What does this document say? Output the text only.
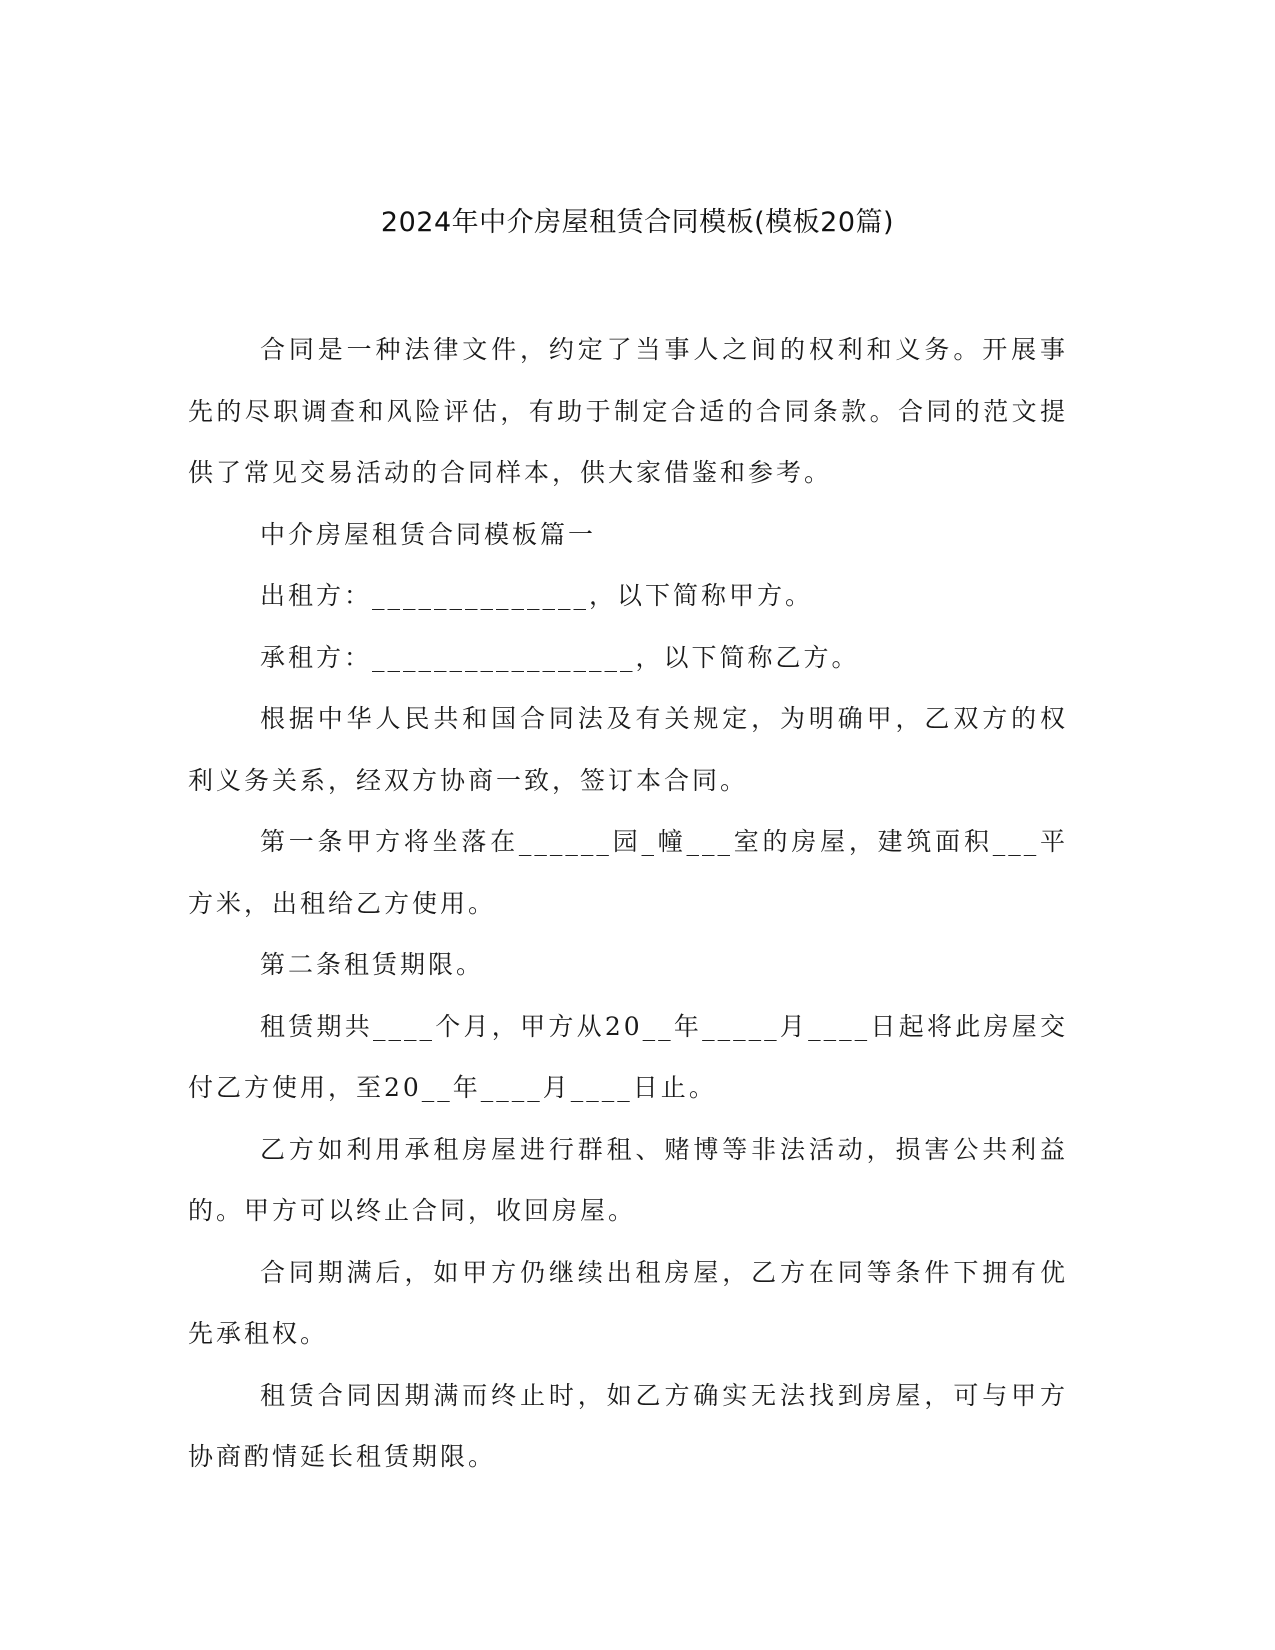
2024年中介房屋租赁合同模板(模板20篇)

合同是一种法律文件，约定了当事人之间的权利和义务。开展事先的尽职调查和风险评估，有助于制定合适的合同条款。合同的范文提供了常见交易活动的合同样本，供大家借鉴和参考。

中介房屋租赁合同模板篇一

出租方：______________，以下简称甲方。

承租方：_________________，以下简称乙方。

根据中华人民共和国合同法及有关规定，为明确甲，乙双方的权利义务关系，经双方协商一致，签订本合同。

第一条甲方将坐落在______园_幢___室的房屋，建筑面积___平方米，出租给乙方使用。

第二条租赁期限。

租赁期共____个月，甲方从20__年_____月____日起将此房屋交付乙方使用，至20__年____月____日止。

乙方如利用承租房屋进行群租、赌博等非法活动，损害公共利益的。甲方可以终止合同，收回房屋。

合同期满后，如甲方仍继续出租房屋，乙方在同等条件下拥有优先承租权。

租赁合同因期满而终止时，如乙方确实无法找到房屋，可与甲方协商酌情延长租赁期限。
